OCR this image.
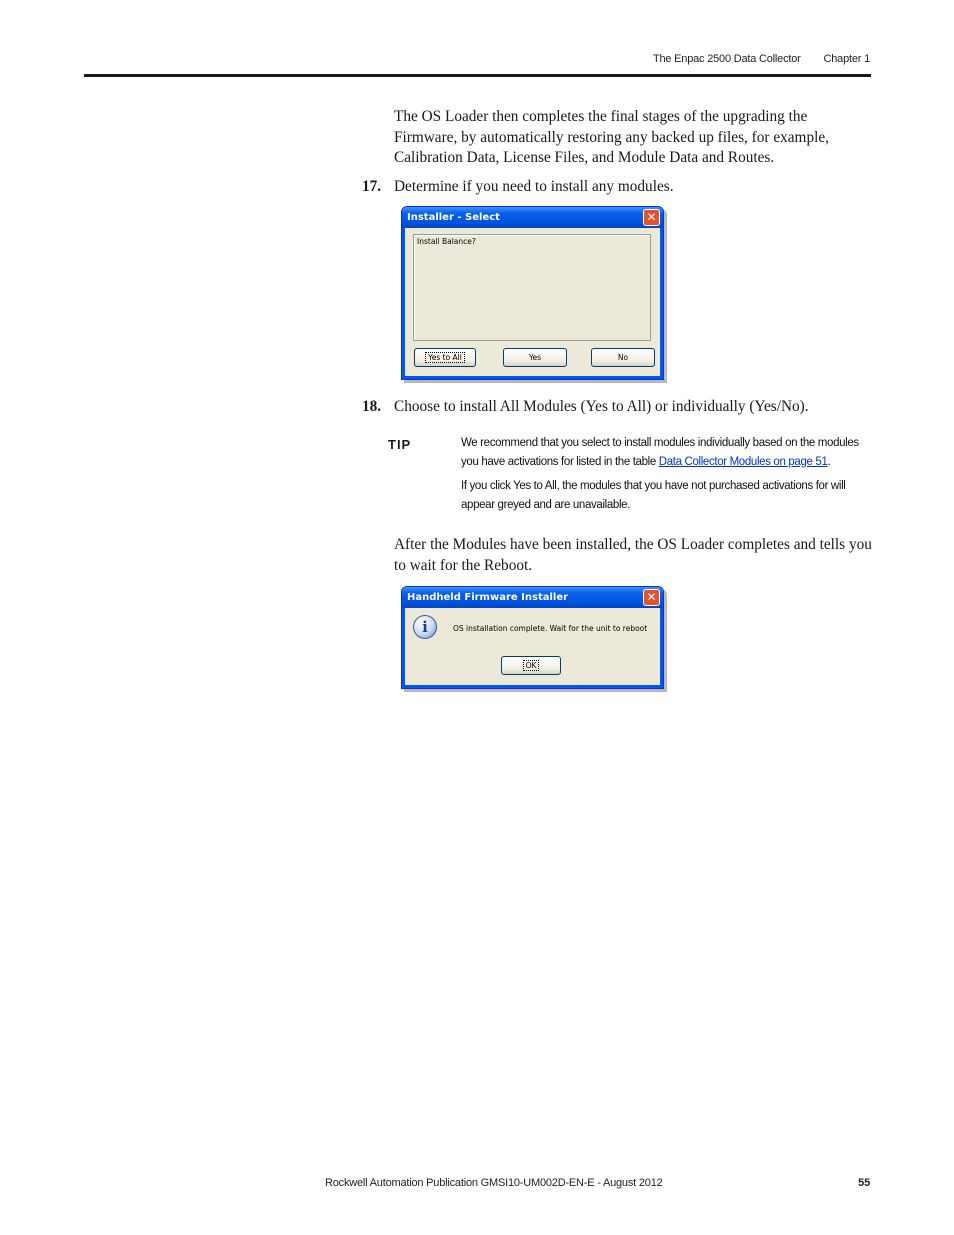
The Enpac 2500 Data Collector Chapter 1

The OS Loader then completes the final stages of the upgrading the Firmware, by automatically restoring any backed up files, for example, Calibration Data, License Files, and Module Data and Routes.

17. Determine if you need to install any modules.
Installer - Select	✕
Install Balance?
Yes to All	Yes	No
18. Choose to install All Modules (Yes to All) or individually (Yes/No).
TIP	We recommend that you select to install modules individually based on the modules you have activations for listed in the table Data Collector Modules on page 51.

If you click Yes to All, the modules that you have not purchased activations for will appear greyed and are unavailable.

After the Modules have been installed, the OS Loader completes and tells you to wait for the Reboot.

Handheld Firmware Installer	✕
i	OS installation complete. Wait for the unit to reboot
OK
Rockwell Automation Publication GMSI10-UM002D-EN-E - August 2012	55
